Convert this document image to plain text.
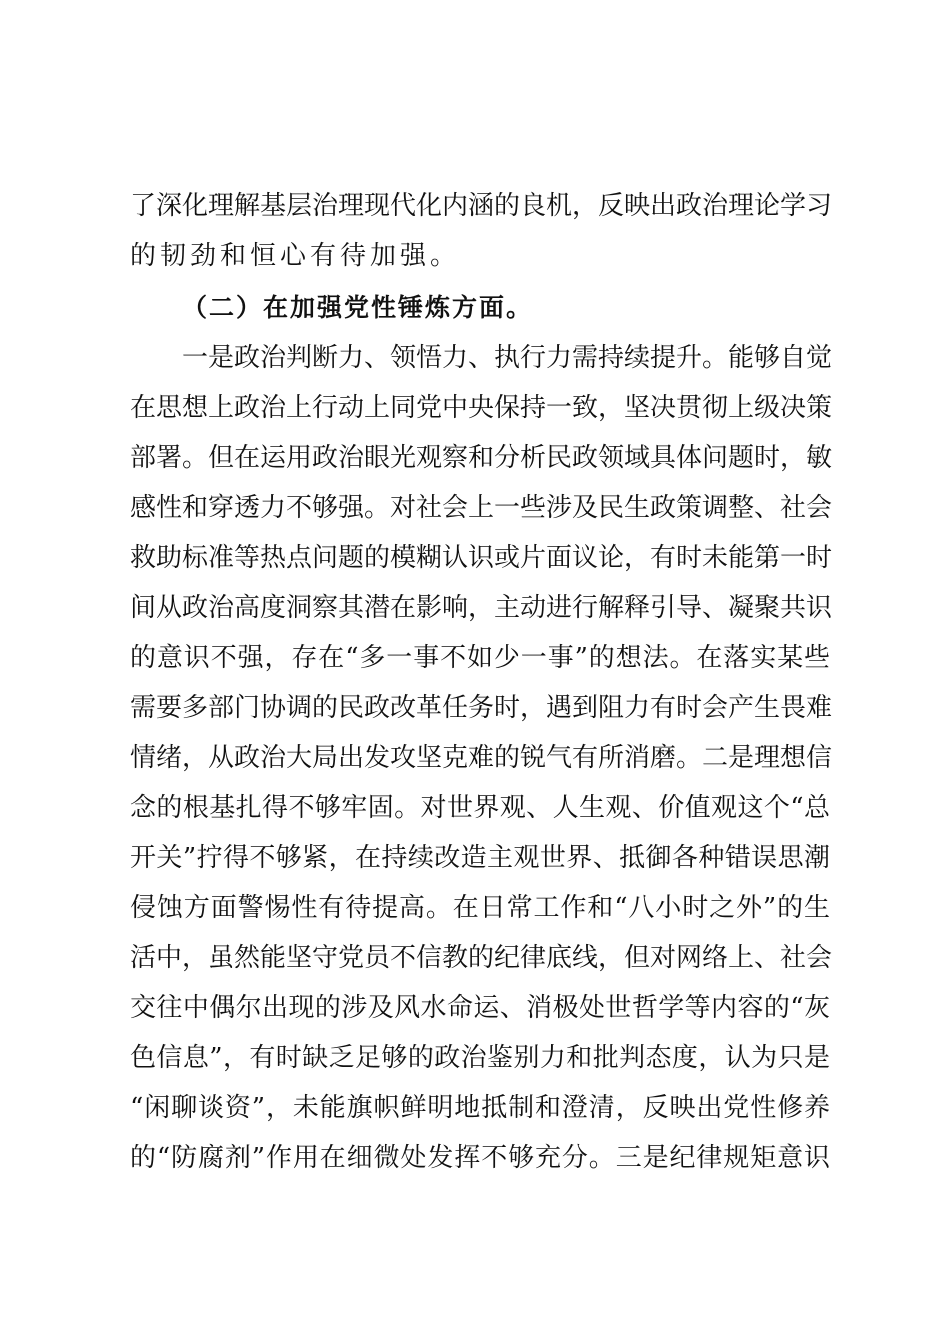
了深化理解基层治理现代化内涵的良机，反映出政治理论学习
的韧劲和恒心有待加强。
（二）在加强党性锤炼方面。
一是政治判断力、领悟力、执行力需持续提升。能够自觉
在思想上政治上行动上同党中央保持一致，坚决贯彻上级决策
部署。但在运用政治眼光观察和分析民政领域具体问题时，敏
感性和穿透力不够强。对社会上一些涉及民生政策调整、社会
救助标准等热点问题的模糊认识或片面议论，有时未能第一时
间从政治高度洞察其潜在影响，主动进行解释引导、凝聚共识
的意识不强，存在“多一事不如少一事”的想法。在落实某些
需要多部门协调的民政改革任务时，遇到阻力有时会产生畏难
情绪，从政治大局出发攻坚克难的锐气有所消磨。二是理想信
念的根基扎得不够牢固。对世界观、人生观、价值观这个“总
开关”拧得不够紧，在持续改造主观世界、抵御各种错误思潮
侵蚀方面警惕性有待提高。在日常工作和“八小时之外”的生
活中，虽然能坚守党员不信教的纪律底线，但对网络上、社会
交往中偶尔出现的涉及风水命运、消极处世哲学等内容的“灰
色信息”，有时缺乏足够的政治鉴别力和批判态度，认为只是
“闲聊谈资”，未能旗帜鲜明地抵制和澄清，反映出党性修养
的“防腐剂”作用在细微处发挥不够充分。三是纪律规矩意识
